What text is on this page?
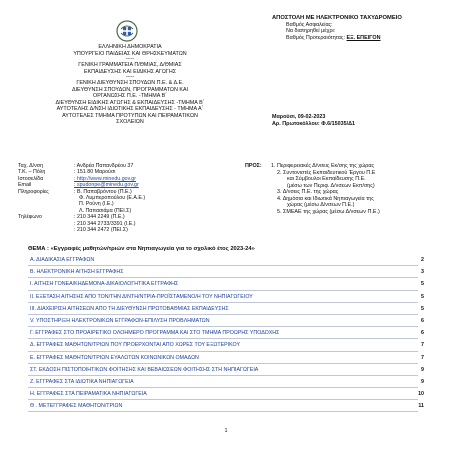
ΕΛΛΗΝΙΚΗ ΔΗΜΟΚΡΑΤΙΑ
ΥΠΟΥΡΓΕΙΟ ΠΑΙΔΕΙΑΣ ΚΑΙ ΘΡΗΣΚΕΥΜΑΤΩΝ
-----
ΓΕΝΙΚΗ ΓΡΑΜΜΑΤΕΙΑ Π/ΘΜΙΑΣ, Δ/ΘΜΙΑΣ
ΕΚΠΑΙΔΕΥΣΗΣ ΚΑΙ ΕΙΔΙΚΗΣ ΑΓΩΓΗΣ
-----
ΓΕΝΙΚΗ ΔΙΕΥΘΥΝΣΗ ΣΠΟΥΔΩΝ Π.Ε. & Δ.Ε.
ΔΙΕΥΘΥΝΣΗ ΣΠΟΥΔΩΝ, ΠΡΟΓΡΑΜΜΑΤΩΝ ΚΑΙ
ΟΡΓΑΝΩΣΗΣ Π.Ε. -ΤΜΗΜΑ Β΄
ΔΙΕΥΘΥΝΣΗ ΕΙΔΙΚΗΣ ΑΓΩΓΗΣ & ΕΚΠΑΙΔΕΥΣΗΣ -ΤΜΗΜΑ Β΄
ΑΥΤΟΤΕΛΗΣ Δ/ΝΣΗ ΙΔΙΩΤΙΚΗΣ ΕΚΠΑΙΔΕΥΣΗΣ - ΤΜΗΜΑ Α΄
ΑΥΤΟΤΕΛΕΣ ΤΜΗΜΑ ΠΡΟΤΥΠΩΝ ΚΑΙ ΠΕΙΡΑΜΑΤΙΚΩΝ
ΣΧΟΛΕΙΩΝ
ΑΠΟΣΤΟΛΗ ΜΕ ΗΛΕΚΤΡΟΝΙΚΟ ΤΑΧΥΔΡΟΜΕΙΟ
Βαθμός Ασφαλείας:
Να διατηρηθεί μέχρι:
Βαθμός Προτεραιότητας: ΕΞ. ΕΠΕΙΓΟΝ
Μαρούσι, 09-02-2023
Αρ. Πρωτοκόλλου: Φ.6/15035/Δ1
Ταχ. Δ/νση	: Ανδρέα Παπανδρέου 37
Τ.Κ. – Πόλη	: 151 80 Μαρούσι
Ιστοσελίδα	: http://www.minedu.gov.gr
Email	: spudonpe@minedu.gov.gr
Πληροφορίες	: Β. Παπαβρόντου (Π.Ε.)
Φ. Λυμπεροπούλου (Ε.Α.Ε.)
Π. Ρούνη (Ι.Ε.)
Λ. Παπασιάμα (ΠΕΙ.Σ)
Τηλέφωνο	: 210 344 2249 (Π.Ε.)
: 210 344 2733/3391 (Ι.Ε.)
: 210 344 2472 (ΠΕΙ.Σ)
ΠΡΟΣ:	1. Περιφερειακές Δ/νσεις Εκ/σης της χώρας
2. Συντονιστές Εκπαιδευτικού Έργου Π.Ε
και Σύμβουλοι Εκπαίδευσης Π.Ε.
(μέσω των Περιφ. Δ/νσεων Εκπ/σης)
3. Δ/νσεις Π.Ε. της χώρας
4. Δημόσια και Ιδιωτικά Νηπιαγωγεία της
χώρας (μέσω Δ/νσεων Π.Ε.)
5. ΣΜΕΑΕ της χώρας (μέσω Δ/νσεων Π.Ε.)
ΘΕΜΑ : «Εγγραφές μαθητών/τριών στα Νηπιαγωγεία για το σχολικό έτος 2023-24»
Α. ΔΙΑΔΙΚΑΣΙΑ ΕΓΓΡΑΦΩΝ	2
Β. ΗΛΕΚΤΡΟΝΙΚΗ ΑΙΤΗΣΗ ΕΓΓΡΑΦΗΣ	3
Ι. ΑΙΤΗΣΗ ΓΟΝΕΑ/ΚΗΔΕΜΟΝΑ-ΔΙΚΑΙΟΛΟΓΗΤΙΚΑ ΕΓΓΡΑΦΗΣ	5
ΙΙ. ΕΞΕΤΑΣΗ ΑΙΤΗΣΗΣ ΑΠΟ ΤΟΝ/ΤΗΝ Δ/ΝΤΗ/ΝΤΡΙΑ-ΠΡΟΪΣΤΑΜΕΝΟ/Η ΤΟΥ ΝΗΠΙΑΓΩΓΕΙΟΥ	5
ΙΙΙ. ΔΙΑΧΕΙΡΙΣΗ ΑΙΤΗΣΕΩΝ ΑΠΟ ΤΗ ΔΙΕΥΘΥΝΣΗ ΠΡΩΤΟΒΑΘΜΙΑΣ ΕΚΠΑΙΔΕΥΣΗΣ	5
V. ΥΠΟΣΤΗΡΙΞΗ ΗΛΕΚΤΡΟΝΙΚΩΝ ΕΓΓΡΑΦΩΝ-ΕΠΙΛΥΣΗ ΠΡΟΒΛΗΜΑΤΩΝ	6
Γ. ΕΓΓΡΑΦΕΣ ΣΤΟ ΠΡΟΑΙΡΕΤΙΚΟ ΟΛΟΗΜΕΡΟ ΠΡΟΓΡΑΜΜΑ ΚΑΙ ΣΤΟ ΤΜΗΜΑ ΠΡΟΩΡΗΣ ΥΠΟΔΟΧΗΣ	6
Δ. ΕΓΓΡΑΦΕΣ ΜΑΘΗΤΩΝ/ΤΡΙΩΝ ΠΟΥ ΠΡΟΕΡΧΟΝΤΑΙ ΑΠΟ ΧΩΡΕΣ ΤΟΥ ΕΞΩΤΕΡΙΚΟΥ	7
Ε. ΕΓΓΡΑΦΕΣ ΜΑΘΗΤΩΝ/ΤΡΙΩΝ ΕΥΑΛΩΤΩΝ ΚΟΙΝΩΝΙΚΩΝ ΟΜΑΔΩΝ	7
ΣΤ. ΕΚΔΟΣΗ ΠΙΣΤΟΠΟΙΗΤΙΚΩΝ ΦΟΙΤΗΣΗΣ ΚΑΙ ΒΕΒΑΙΩΣΕΩΝ ΦΟΙΤΗΣΗΣ ΣΤΗ ΝΗΠΙΑΓΩΓΕΙΑ	9
Ζ. ΕΓΓΡΑΦΕΣ ΣΤΑ ΙΔΙΩΤΙΚΑ ΝΗΠΙΑΓΩΓΕΙΑ	9
Η. ΕΓΓΡΑΦΕΣ ΣΤΑ ΠΕΙΡΑΜΑΤΙΚΑ ΝΗΠΙΑΓΩΓΕΙΑ	10
Θ . ΜΕΤΕΓΓΡΑΦΕΣ ΜΑΘΗΤΩΝ/ΤΡΙΩΝ	11
1
